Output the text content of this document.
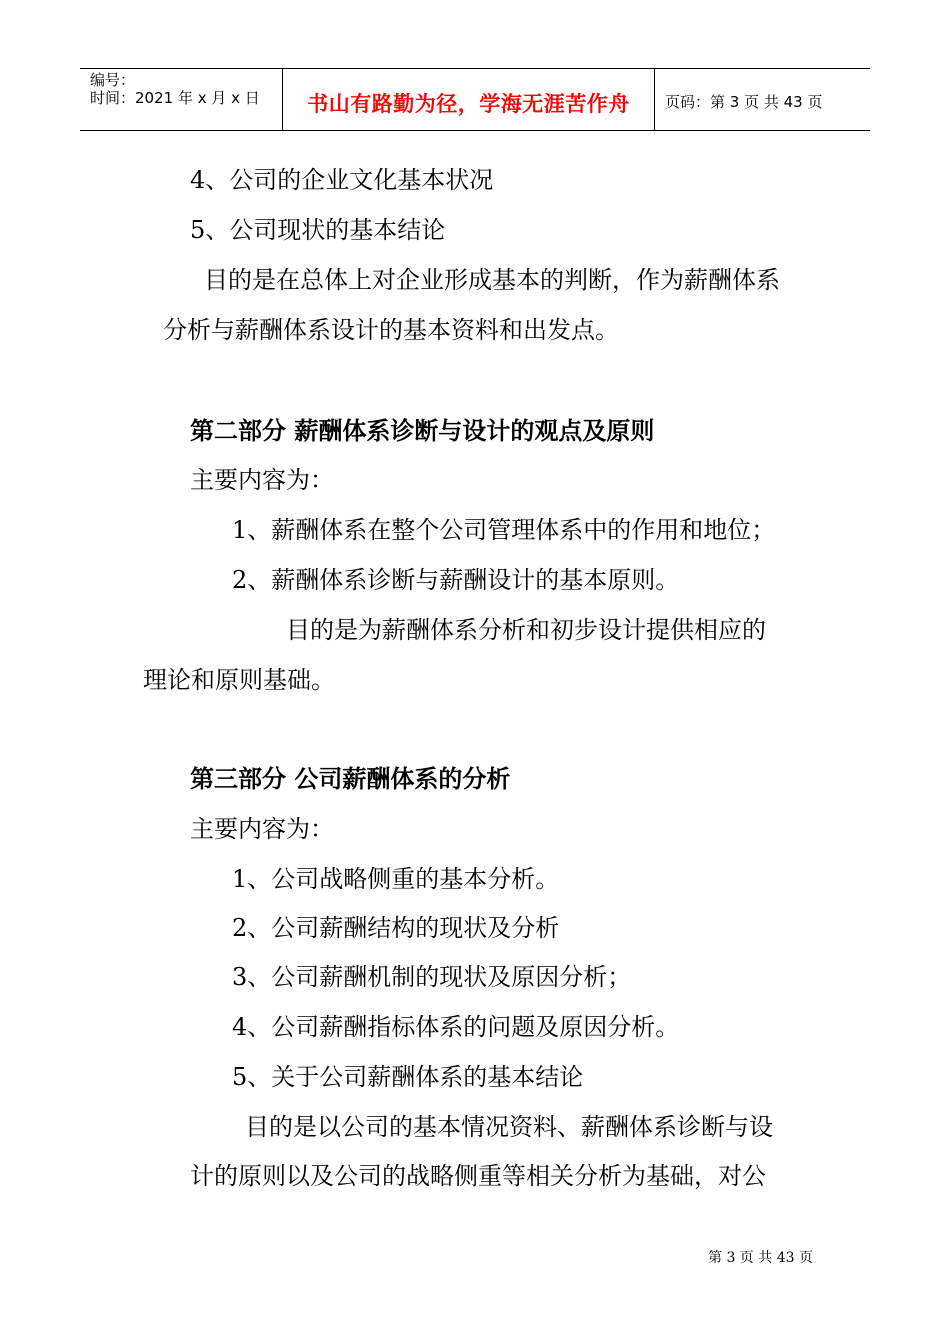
编号：
时间：2021 年 x 月 x 日	书山有路勤为径，学海无涯苦作舟	页码：第 3 页 共 43 页
4、公司的企业文化基本状况
5、公司现状的基本结论
目的是在总体上对企业形成基本的判断，作为薪酬体系
分析与薪酬体系设计的基本资料和出发点。
第二部分 薪酬体系诊断与设计的观点及原则
主要内容为：
1、薪酬体系在整个公司管理体系中的作用和地位；
2、薪酬体系诊断与薪酬设计的基本原则。
目的是为薪酬体系分析和初步设计提供相应的
理论和原则基础。
第三部分 公司薪酬体系的分析
主要内容为：
1、公司战略侧重的基本分析。
2、公司薪酬结构的现状及分析
3、公司薪酬机制的现状及原因分析；
4、公司薪酬指标体系的问题及原因分析。
5、关于公司薪酬体系的基本结论
目的是以公司的基本情况资料、薪酬体系诊断与设
计的原则以及公司的战略侧重等相关分析为基础，对公
第 3 页 共 43 页
